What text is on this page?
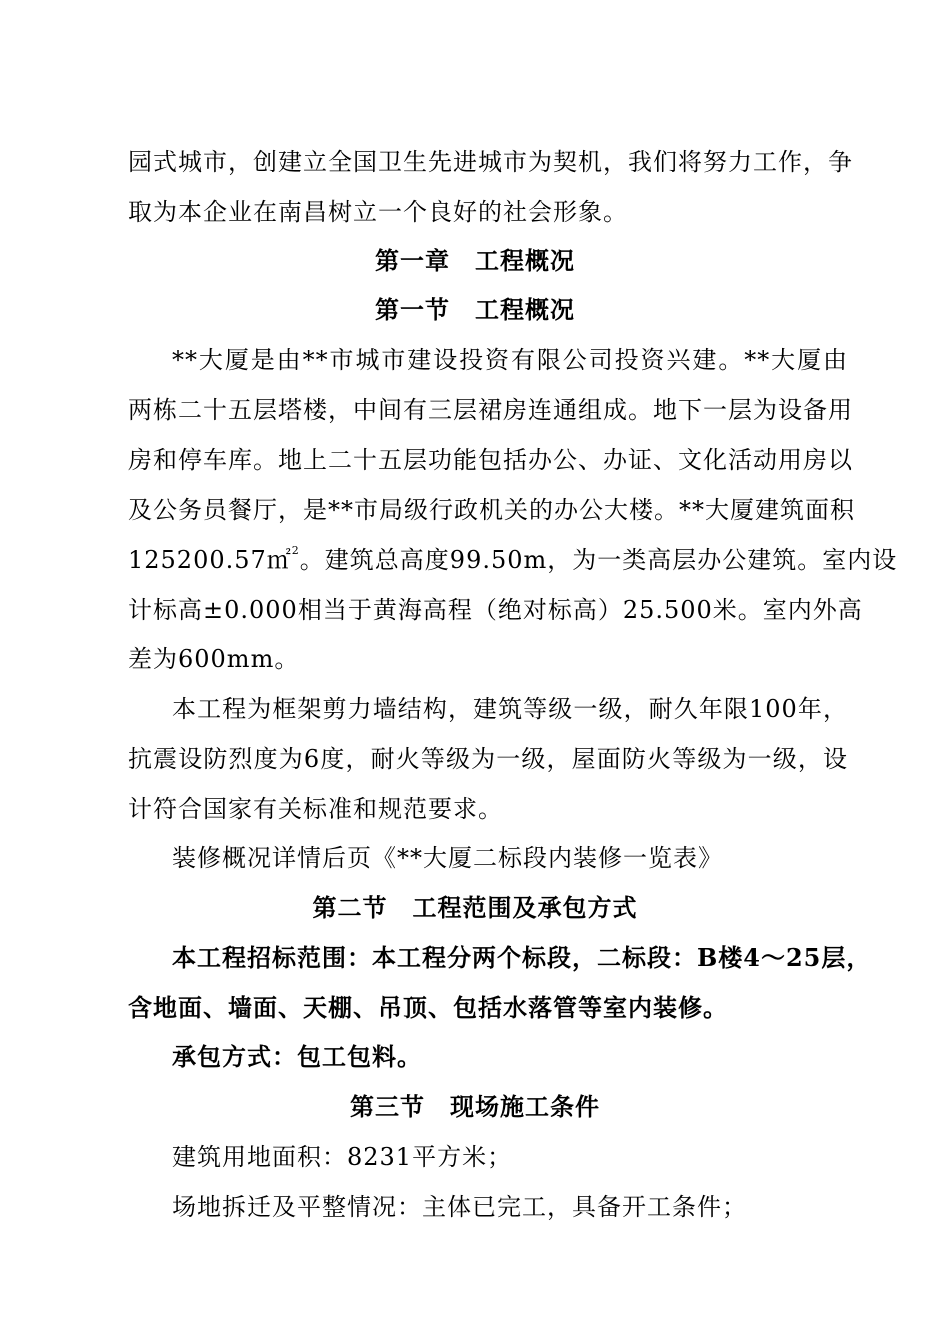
园式城市，创建立全国卫生先进城市为契机，我们将努力工作，争
取为本企业在南昌树立一个良好的社会形象。
第一章　工程概况
第一节　工程概况
**大厦是由**市城市建设投资有限公司投资兴建。**大厦由
两栋二十五层塔楼，中间有三层裙房连通组成。地下一层为设备用
房和停车库。地上二十五层功能包括办公、办证、文化活动用房以
及公务员餐厅，是**市局级行政机关的办公大楼。**大厦建筑面积
125200.57㎡$^2$。建筑总高度99.50m，为一类高层办公建筑。室内设
计标高±0.000相当于黄海高程（绝对标高）25.500米。室内外高
差为600mm。
本工程为框架剪力墙结构，建筑等级一级，耐久年限100年，
抗震设防烈度为6度，耐火等级为一级，屋面防火等级为一级，设
计符合国家有关标准和规范要求。
装修概况详情后页《**大厦二标段内装修一览表》
第二节　工程范围及承包方式
本工程招标范围：本工程分两个标段，二标段：B楼4～25层，
含地面、墙面、天棚、吊顶、包括水落管等室内装修。
承包方式：包工包料。
第三节　现场施工条件
建筑用地面积：8231平方米；
场地拆迁及平整情况：主体已完工，具备开工条件；
